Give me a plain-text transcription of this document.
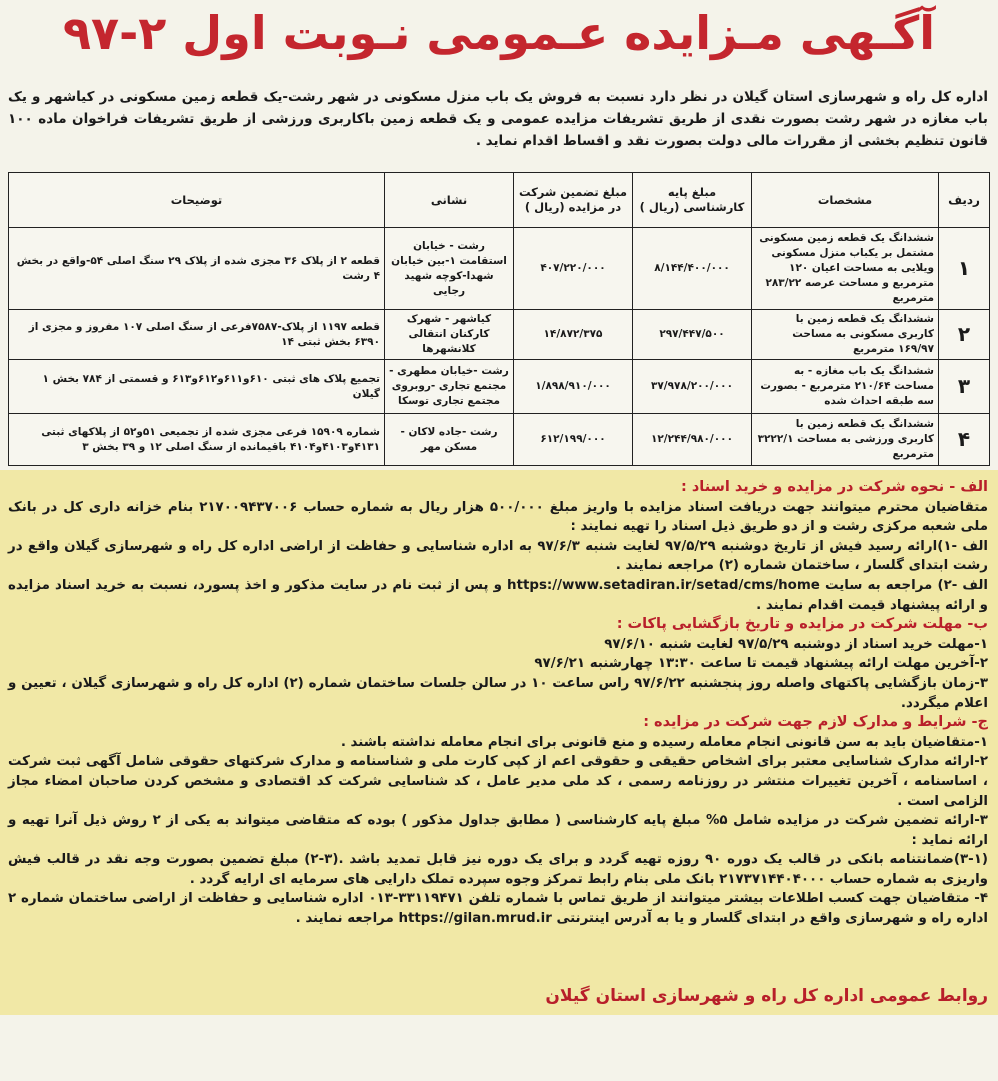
آگـهی مـزایده عـمومی نـوبت اول ۲-۹۷
اداره کل راه و شهرسازی استان گیلان در نظر دارد نسبت به فروش یک باب منزل مسکونی در شهر رشت-یک قطعه زمین مسکونی در کیاشهر و یک باب مغازه در شهر رشت بصورت نقدی از طریق تشریفات مزایده عمومی و یک قطعه زمین باکاربری ورزشی از طریق تشریفات فراخوان ماده ۱۰۰ قانون تنظیم بخشی از مقررات مالی دولت بصورت نقد و اقساط اقدام نماید .
ردیف	مشخصات	مبلغ پایه کارشناسی (ریال )	مبلغ تضمین شرکت در مزایده (ریال )	نشانی	توضیحات
۱	ششدانگ یک قطعه زمین مسکونی مشتمل بر یکباب منزل مسکونی ویلایی به مساحت اعیان ۱۲۰ مترمربع و مساحت عرصه ۲۸۳/۲۲ مترمربع	۸/۱۴۴/۴۰۰/۰۰۰	۴۰۷/۲۲۰/۰۰۰	رشت - خیابان استقامت ۱-بین خیابان شهدا-کوچه شهید رجایی	قطعه ۲ از پلاک ۳۶ مجزی شده از پلاک ۲۹ سنگ اصلی ۵۴-واقع در بخش ۴ رشت
۲	ششدانگ یک قطعه زمین با کاربری مسکونی به مساحت ۱۶۹/۹۷ مترمربع	۲۹۷/۴۴۷/۵۰۰	۱۴/۸۷۲/۳۷۵	کیاشهر - شهرک کارکنان انتقالی کلانشهرها	قطعه ۱۱۹۷ از پلاک-۷۵۸۷فرعی از سنگ اصلی ۱۰۷ مفروز و مجزی از ۶۳۹۰ بخش ثبتی ۱۴
۳	ششدانگ یک باب مغازه - به مساحت ۲۱۰/۶۴ مترمربع - بصورت سه طبقه احداث شده	۳۷/۹۷۸/۲۰۰/۰۰۰	۱/۸۹۸/۹۱۰/۰۰۰	رشت -خیابان مطهری - مجتمع تجاری -روبروی مجتمع تجاری توسکا	تجمیع پلاک های ثبتی ۶۱۰و۶۱۱و۶۱۲و۶۱۳ و قسمتی از ۷۸۴ بخش ۱ گیلان
۴	ششدانگ یک قطعه زمین با کاربری ورزشی به مساحت ۳۲۲۲/۱ مترمربع	۱۲/۲۴۴/۹۸۰/۰۰۰	۶۱۲/۱۹۹/۰۰۰	رشت -جاده لاکان - مسکن مهر	شماره ۱۵۹۰۹ فرعی مجزی شده از تجمیعی ۵۱و۵۲ از پلاکهای ثبتی ۴۱۳۱و۴۱۰۳و۴۱۰۴ باقیمانده از سنگ اصلی ۱۲ و ۳۹ بخش ۳

الف - نحوه شرکت در مزایده و خرید اسناد :

متقاضیان محترم میتوانند جهت دریافت اسناد مزایده با واریز مبلغ ۵۰۰/۰۰۰ هزار ریال به شماره حساب ۲۱۷۰۰۹۴۳۷۰۰۶ بنام خزانه داری کل در بانک ملی شعبه مرکزی رشت و از دو طریق ذیل اسناد را تهیه نمایند :

الف -۱)ارائه رسید فیش از تاریخ دوشنبه ۹۷/۵/۲۹ لغایت شنبه ۹۷/۶/۳ به اداره شناسایی و حفاظت از اراضی اداره کل راه و شهرسازی گیلان واقع در رشت ابتدای گلسار ، ساختمان شماره (۲) مراجعه نمایند .

الف -۲) مراجعه به سایت https://www.setadiran.ir/setad/cms/home و پس از ثبت نام در سایت مذکور و اخذ پسورد، نسبت به خرید اسناد مزایده و ارائه پیشنهاد قیمت اقدام نمایند .

ب- مهلت شرکت در مزایده و تاریخ بازگشایی پاکات :

۱-مهلت خرید اسناد از دوشنبه ۹۷/۵/۲۹ لغایت شنبه ۹۷/۶/۱۰

۲-آخرین مهلت ارائه پیشنهاد قیمت تا ساعت ۱۳:۳۰ چهارشنبه ۹۷/۶/۲۱

۳-زمان بازگشایی پاکتهای واصله روز پنجشنبه ۹۷/۶/۲۲ راس ساعت ۱۰ در سالن جلسات ساختمان شماره (۲) اداره کل راه و شهرسازی گیلان ، تعیین و اعلام میگردد.

ج- شرایط و مدارک لازم جهت شرکت در مزایده :

۱-متقاضیان باید به سن قانونی انجام معامله رسیده و منع قانونی برای انجام معامله نداشته باشند .

۲-ارائه مدارک شناسایی معتبر برای اشخاص حقیقی و حقوقی اعم از کپی کارت ملی و شناسنامه و مدارک شرکتهای حقوقی شامل آگهی ثبت شرکت ، اساسنامه ، آخرین تغییرات منتشر در روزنامه رسمی ، کد ملی مدیر عامل ، کد شناسایی شرکت کد اقتصادی و مشخص کردن صاحبان امضاء مجاز الزامی است .

۳-ارائه تضمین شرکت در مزایده شامل ۵% مبلغ پایه کارشناسی ( مطابق جداول مذکور ) بوده که متقاضی میتواند به یکی از ۲ روش ذیل آنرا تهیه و ارائه نماید :

(۳-۱)ضمانتنامه بانکی در قالب یک دوره ۹۰ روزه تهیه گردد و برای یک دوره نیز قابل تمدید باشد .(۳-۲) مبلغ تضمین بصورت وجه نقد در قالب فیش واریزی به شماره حساب ۲۱۷۳۷۱۴۴۰۴۰۰۰ بانک ملی بنام رابط تمرکز وجوه سپرده تملک دارایی های سرمایه ای ارایه گردد .

۴- متقاضیان جهت کسب اطلاعات بیشتر میتوانند از طریق تماس با شماره تلفن ۳۳۱۱۹۴۷۱-۰۱۳ اداره شناسایی و حفاظت از اراضی ساختمان شماره ۲ اداره راه و شهرسازی واقع در ابتدای گلسار و یا به آدرس اینترنتی https://gilan.mrud.ir مراجعه نمایند .

روابط عمومی اداره کل راه و شهرسازی استان گیلان
